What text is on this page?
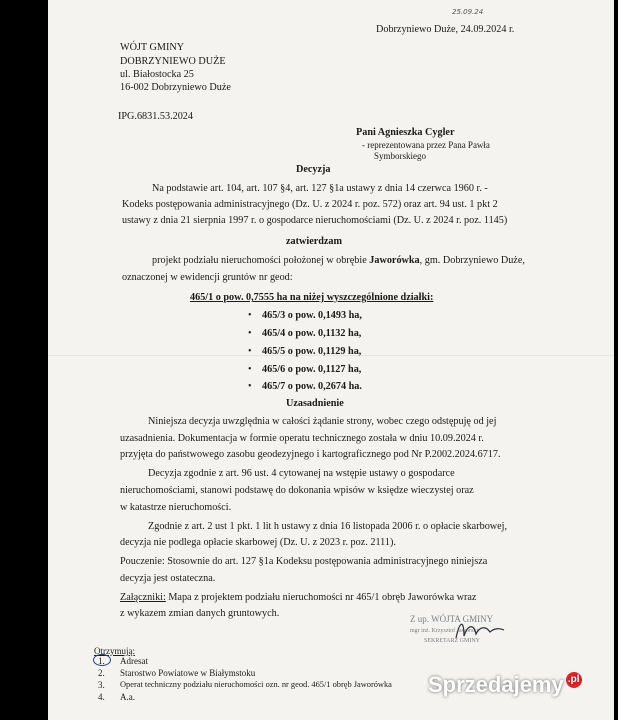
25.09.24
Dobrzyniewo Duże, 24.09.2024 r.
WÓJT GMINY
DOBRZYNIEWO DUŻE
ul. Białostocka 25
16-002 Dobrzyniewo Duże
IPG.6831.53.2024
Pani Agnieszka Cygler
- reprezentowana przez Pana Pawła
Symborskiego
Decyzja
Na podstawie art. 104, art. 107 §4, art. 127 §1a ustawy z dnia 14 czerwca 1960 r. -
Kodeks postępowania administracyjnego (Dz. U. z 2024 r. poz. 572) oraz art. 94 ust. 1 pkt 2
ustawy z dnia 21 sierpnia 1997 r. o gospodarce nieruchomościami (Dz. U. z 2024 r. poz. 1145)
zatwierdzam
projekt podziału nieruchomości położonej w obrębie Jaworówka, gm. Dobrzyniewo Duże,
oznaczonej w ewidencji gruntów nr geod:
465/1 o pow. 0,7555 ha na niżej wyszczególnione działki:
• 465/3 o pow. 0,1493 ha,
• 465/4 o pow. 0,1132 ha,
• 465/5 o pow. 0,1129 ha,
• 465/6 o pow. 0,1127 ha,
• 465/7 o pow. 0,2674 ha.
Uzasadnienie
Niniejsza decyzja uwzględnia w całości żądanie strony, wobec czego odstępuję od jej
uzasadnienia. Dokumentacja w formie operatu technicznego została w dniu 10.09.2024 r.
przyjęta do państwowego zasobu geodezyjnego i kartograficznego pod Nr P.2002.2024.6717.
Decyzja zgodnie z art. 96 ust. 4 cytowanej na wstępie ustawy o gospodarce
nieruchomościami, stanowi podstawę do dokonania wpisów w księdze wieczystej oraz
w katastrze nieruchomości.
Zgodnie z art. 2 ust 1 pkt. 1 lit h ustawy z dnia 16 listopada 2006 r. o opłacie skarbowej,
decyzja nie podlega opłacie skarbowej (Dz. U. z 2023 r. poz. 2111).
Pouczenie: Stosownie do art. 127 §1a Kodeksu postępowania administracyjnego niniejsza
decyzja jest ostateczna.
Załączniki: Mapa z projektem podziału nieruchomości nr 465/1 obręb Jaworówka wraz
z wykazem zmian danych gruntowych.	Z up. WÓJTA GMINY
mgr inż. Krzysztof Jaworski
SEKRETARZ GMINY
Otrzymują:
1. Adresat
2. Starostwo Powiatowe w Białymstoku
3. Operat techniczny podziału nieruchomości ozn. nr geod. 465/1 obręb Jaworówka
4. A.a.	Sprzedajemy .pl
